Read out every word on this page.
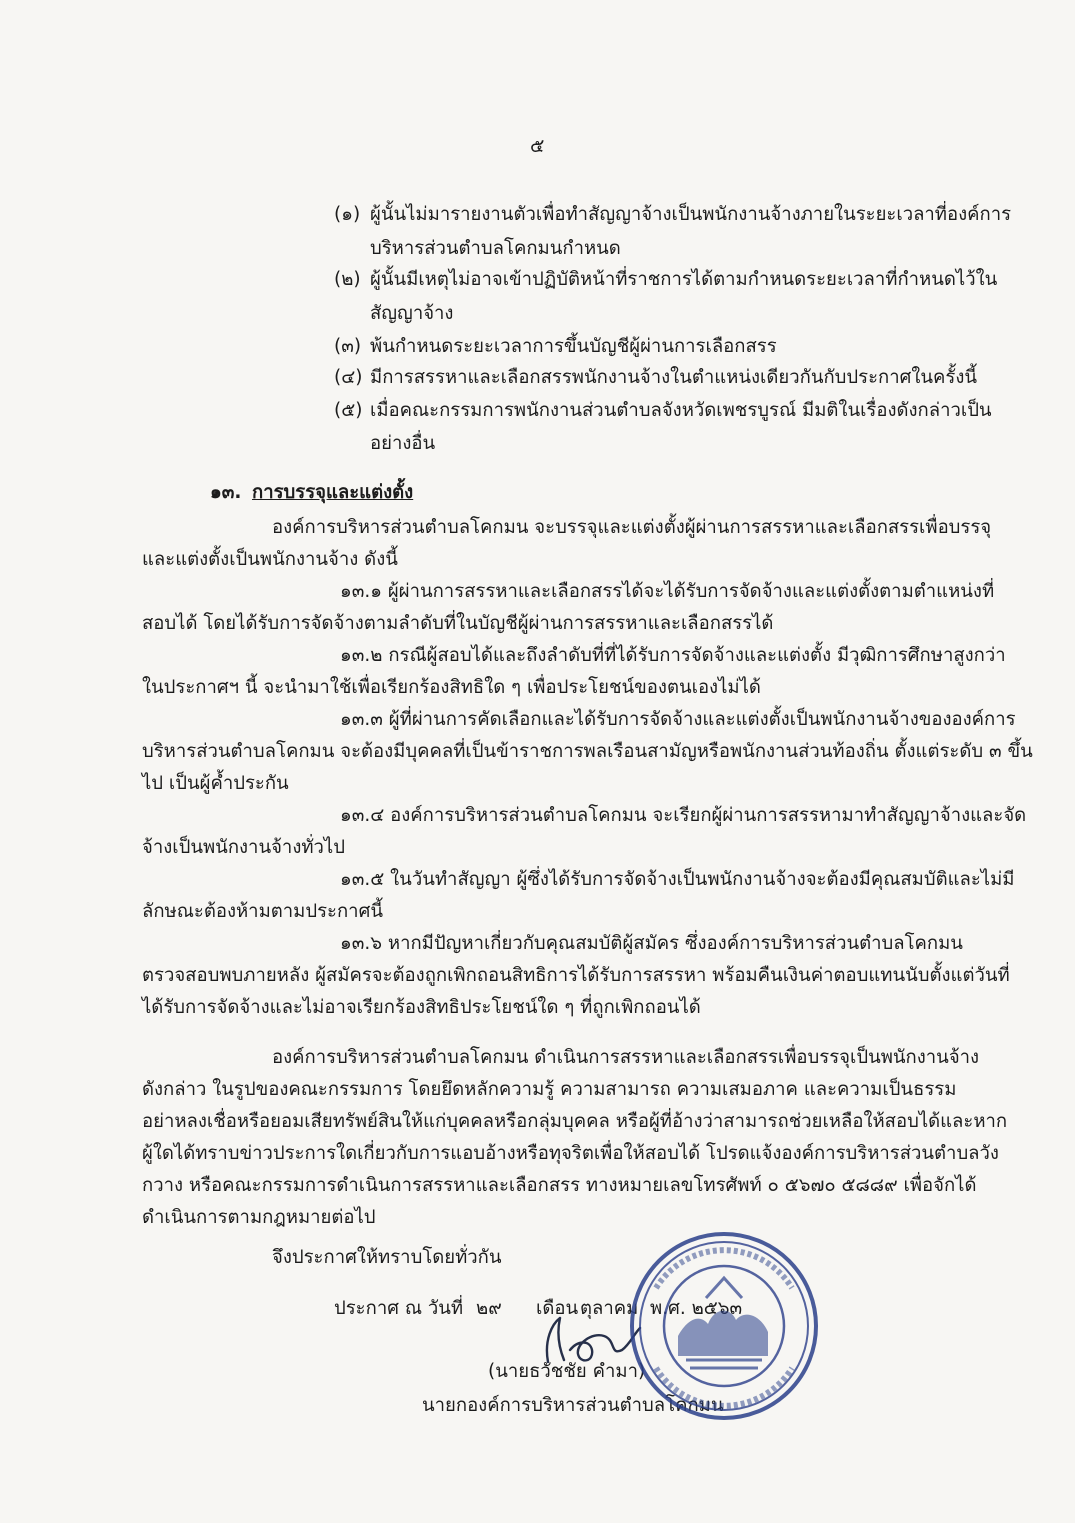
๕
(๑) ผู้นั้นไม่มารายงานตัวเพื่อทำสัญญาจ้างเป็นพนักงานจ้างภายในระยะเวลาที่องค์การ
บริหารส่วนตำบลโคกมนกำหนด
(๒) ผู้นั้นมีเหตุไม่อาจเข้าปฏิบัติหน้าที่ราชการได้ตามกำหนดระยะเวลาที่กำหนดไว้ใน
สัญญาจ้าง
(๓) พ้นกำหนดระยะเวลาการขึ้นบัญชีผู้ผ่านการเลือกสรร
(๔) มีการสรรหาและเลือกสรรพนักงานจ้างในตำแหน่งเดียวกันกับประกาศในครั้งนี้
(๕) เมื่อคณะกรรมการพนักงานส่วนตำบลจังหวัดเพชรบูรณ์ มีมติในเรื่องดังกล่าวเป็น
อย่างอื่น
๑๓. การบรรจุและแต่งตั้ง
องค์การบริหารส่วนตำบลโคกมน จะบรรจุและแต่งตั้งผู้ผ่านการสรรหาและเลือกสรรเพื่อบรรจุ
และแต่งตั้งเป็นพนักงานจ้าง ดังนี้
๑๓.๑ ผู้ผ่านการสรรหาและเลือกสรรได้จะได้รับการจัดจ้างและแต่งตั้งตามตำแหน่งที่
สอบได้ โดยได้รับการจัดจ้างตามลำดับที่ในบัญชีผู้ผ่านการสรรหาและเลือกสรรได้
๑๓.๒ กรณีผู้สอบได้และถึงลำดับที่ที่ได้รับการจัดจ้างและแต่งตั้ง มีวุฒิการศึกษาสูงกว่า
ในประกาศฯ นี้ จะนำมาใช้เพื่อเรียกร้องสิทธิใด ๆ เพื่อประโยชน์ของตนเองไม่ได้
๑๓.๓ ผู้ที่ผ่านการคัดเลือกและได้รับการจัดจ้างและแต่งตั้งเป็นพนักงานจ้างขององค์การ
บริหารส่วนตำบลโคกมน จะต้องมีบุคคลที่เป็นข้าราชการพลเรือนสามัญหรือพนักงานส่วนท้องถิ่น ตั้งแต่ระดับ ๓ ขึ้น
ไป เป็นผู้ค้ำประกัน
๑๓.๔ องค์การบริหารส่วนตำบลโคกมน จะเรียกผู้ผ่านการสรรหามาทำสัญญาจ้างและจัด
จ้างเป็นพนักงานจ้างทั่วไป
๑๓.๕ ในวันทำสัญญา ผู้ซึ่งได้รับการจัดจ้างเป็นพนักงานจ้างจะต้องมีคุณสมบัติและไม่มี
ลักษณะต้องห้ามตามประกาศนี้
๑๓.๖ หากมีปัญหาเกี่ยวกับคุณสมบัติผู้สมัคร ซึ่งองค์การบริหารส่วนตำบลโคกมน
ตรวจสอบพบภายหลัง ผู้สมัครจะต้องถูกเพิกถอนสิทธิการได้รับการสรรหา พร้อมคืนเงินค่าตอบแทนนับตั้งแต่วันที่
ได้รับการจัดจ้างและไม่อาจเรียกร้องสิทธิประโยชน์ใด ๆ ที่ถูกเพิกถอนได้
องค์การบริหารส่วนตำบลโคกมน ดำเนินการสรรหาและเลือกสรรเพื่อบรรจุเป็นพนักงานจ้าง
ดังกล่าว ในรูปของคณะกรรมการ โดยยึดหลักความรู้ ความสามารถ ความเสมอภาค และความเป็นธรรม
อย่าหลงเชื่อหรือยอมเสียทรัพย์สินให้แก่บุคคลหรือกลุ่มบุคคล หรือผู้ที่อ้างว่าสามารถช่วยเหลือให้สอบได้และหาก
ผู้ใดได้ทราบข่าวประการใดเกี่ยวกับการแอบอ้างหรือทุจริตเพื่อให้สอบได้ โปรดแจ้งองค์การบริหารส่วนตำบลวัง
กวาง หรือคณะกรรมการดำเนินการสรรหาและเลือกสรร ทางหมายเลขโทรศัพท์ ๐ ๕๖๗๐ ๕๘๘๙ เพื่อจักได้
ดำเนินการตามกฎหมายต่อไป
จึงประกาศให้ทราบโดยทั่วกัน
ประกาศ ณ วันที่ ๒๙ เดือน ตุลาคม พ.ศ. ๒๕๖๓
(นายธวัชชัย คำมา)
นายกองค์การบริหารส่วนตำบลโคกมน
